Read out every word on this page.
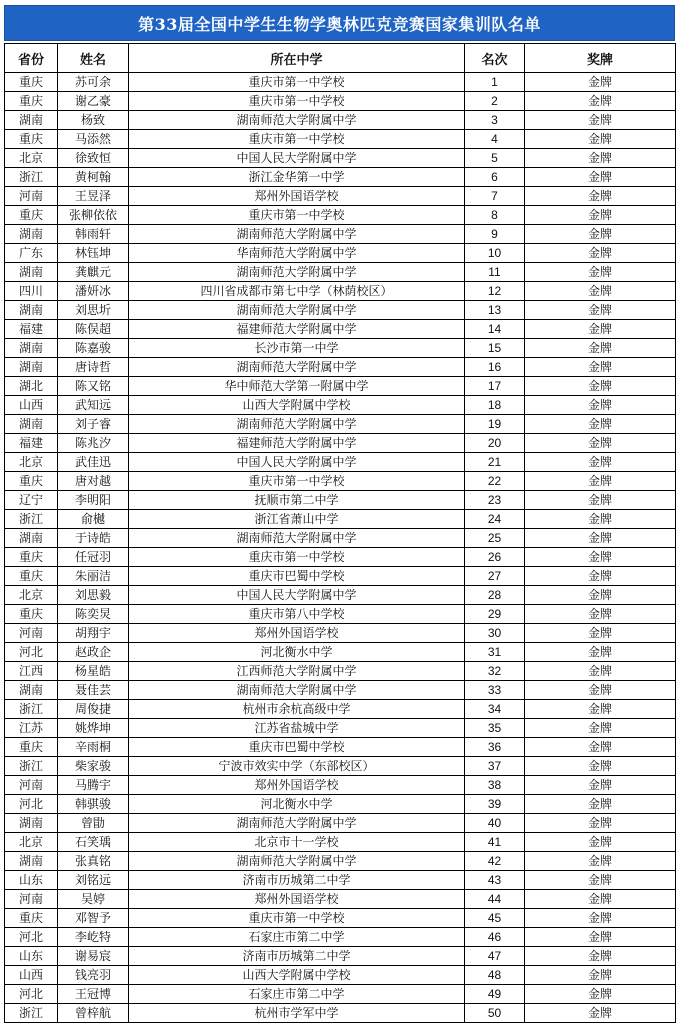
第33届全国中学生生物学奥林匹克竞赛国家集训队名单
省份	姓名	所在中学	名次	奖牌
重庆	苏可余	重庆市第一中学校	1	金牌
重庆	谢乙豪	重庆市第一中学校	2	金牌
湖南	杨致	湖南师范大学附属中学	3	金牌
重庆	马添然	重庆市第一中学校	4	金牌
北京	徐致恒	中国人民大学附属中学	5	金牌
浙江	黄柯翰	浙江金华第一中学	6	金牌
河南	王昱泽	郑州外国语学校	7	金牌
重庆	张柳依依	重庆市第一中学校	8	金牌
湖南	韩雨轩	湖南师范大学附属中学	9	金牌
广东	林钰坤	华南师范大学附属中学	10	金牌
湖南	龚麒元	湖南师范大学附属中学	11	金牌
四川	潘妍冰	四川省成都市第七中学（林荫校区）	12	金牌
湖南	刘思圻	湖南师范大学附属中学	13	金牌
福建	陈俣超	福建师范大学附属中学	14	金牌
湖南	陈嘉骏	长沙市第一中学	15	金牌
湖南	唐诗哲	湖南师范大学附属中学	16	金牌
湖北	陈又铭	华中师范大学第一附属中学	17	金牌
山西	武知远	山西大学附属中学校	18	金牌
湖南	刘子睿	湖南师范大学附属中学	19	金牌
福建	陈兆汐	福建师范大学附属中学	20	金牌
北京	武佳迅	中国人民大学附属中学	21	金牌
重庆	唐对越	重庆市第一中学校	22	金牌
辽宁	李明阳	抚顺市第二中学	23	金牌
浙江	俞樾	浙江省萧山中学	24	金牌
湖南	于诗皓	湖南师范大学附属中学	25	金牌
重庆	任冠羽	重庆市第一中学校	26	金牌
重庆	朱丽洁	重庆市巴蜀中学校	27	金牌
北京	刘思毅	中国人民大学附属中学	28	金牌
重庆	陈奕炅	重庆市第八中学校	29	金牌
河南	胡翔宇	郑州外国语学校	30	金牌
河北	赵政企	河北衡水中学	31	金牌
江西	杨星皓	江西师范大学附属中学	32	金牌
湖南	聂佳芸	湖南师范大学附属中学	33	金牌
浙江	周俊捷	杭州市余杭高级中学	34	金牌
江苏	姚烨坤	江苏省盐城中学	35	金牌
重庆	辛雨桐	重庆市巴蜀中学校	36	金牌
浙江	柴家骏	宁波市效实中学（东部校区）	37	金牌
河南	马腾宇	郑州外国语学校	38	金牌
河北	韩骐骏	河北衡水中学	39	金牌
湖南	曾勖	湖南师范大学附属中学	40	金牌
北京	石笑瑀	北京市十一学校	41	金牌
湖南	张真铭	湖南师范大学附属中学	42	金牌
山东	刘铭远	济南市历城第二中学	43	金牌
河南	吴婷	郑州外国语学校	44	金牌
重庆	邓智予	重庆市第一中学校	45	金牌
河北	李屹特	石家庄市第二中学	46	金牌
山东	谢易宸	济南市历城第二中学	47	金牌
山西	钱亮羽	山西大学附属中学校	48	金牌
河北	王冠博	石家庄市第二中学	49	金牌
浙江	曾梓航	杭州市学军中学	50	金牌
